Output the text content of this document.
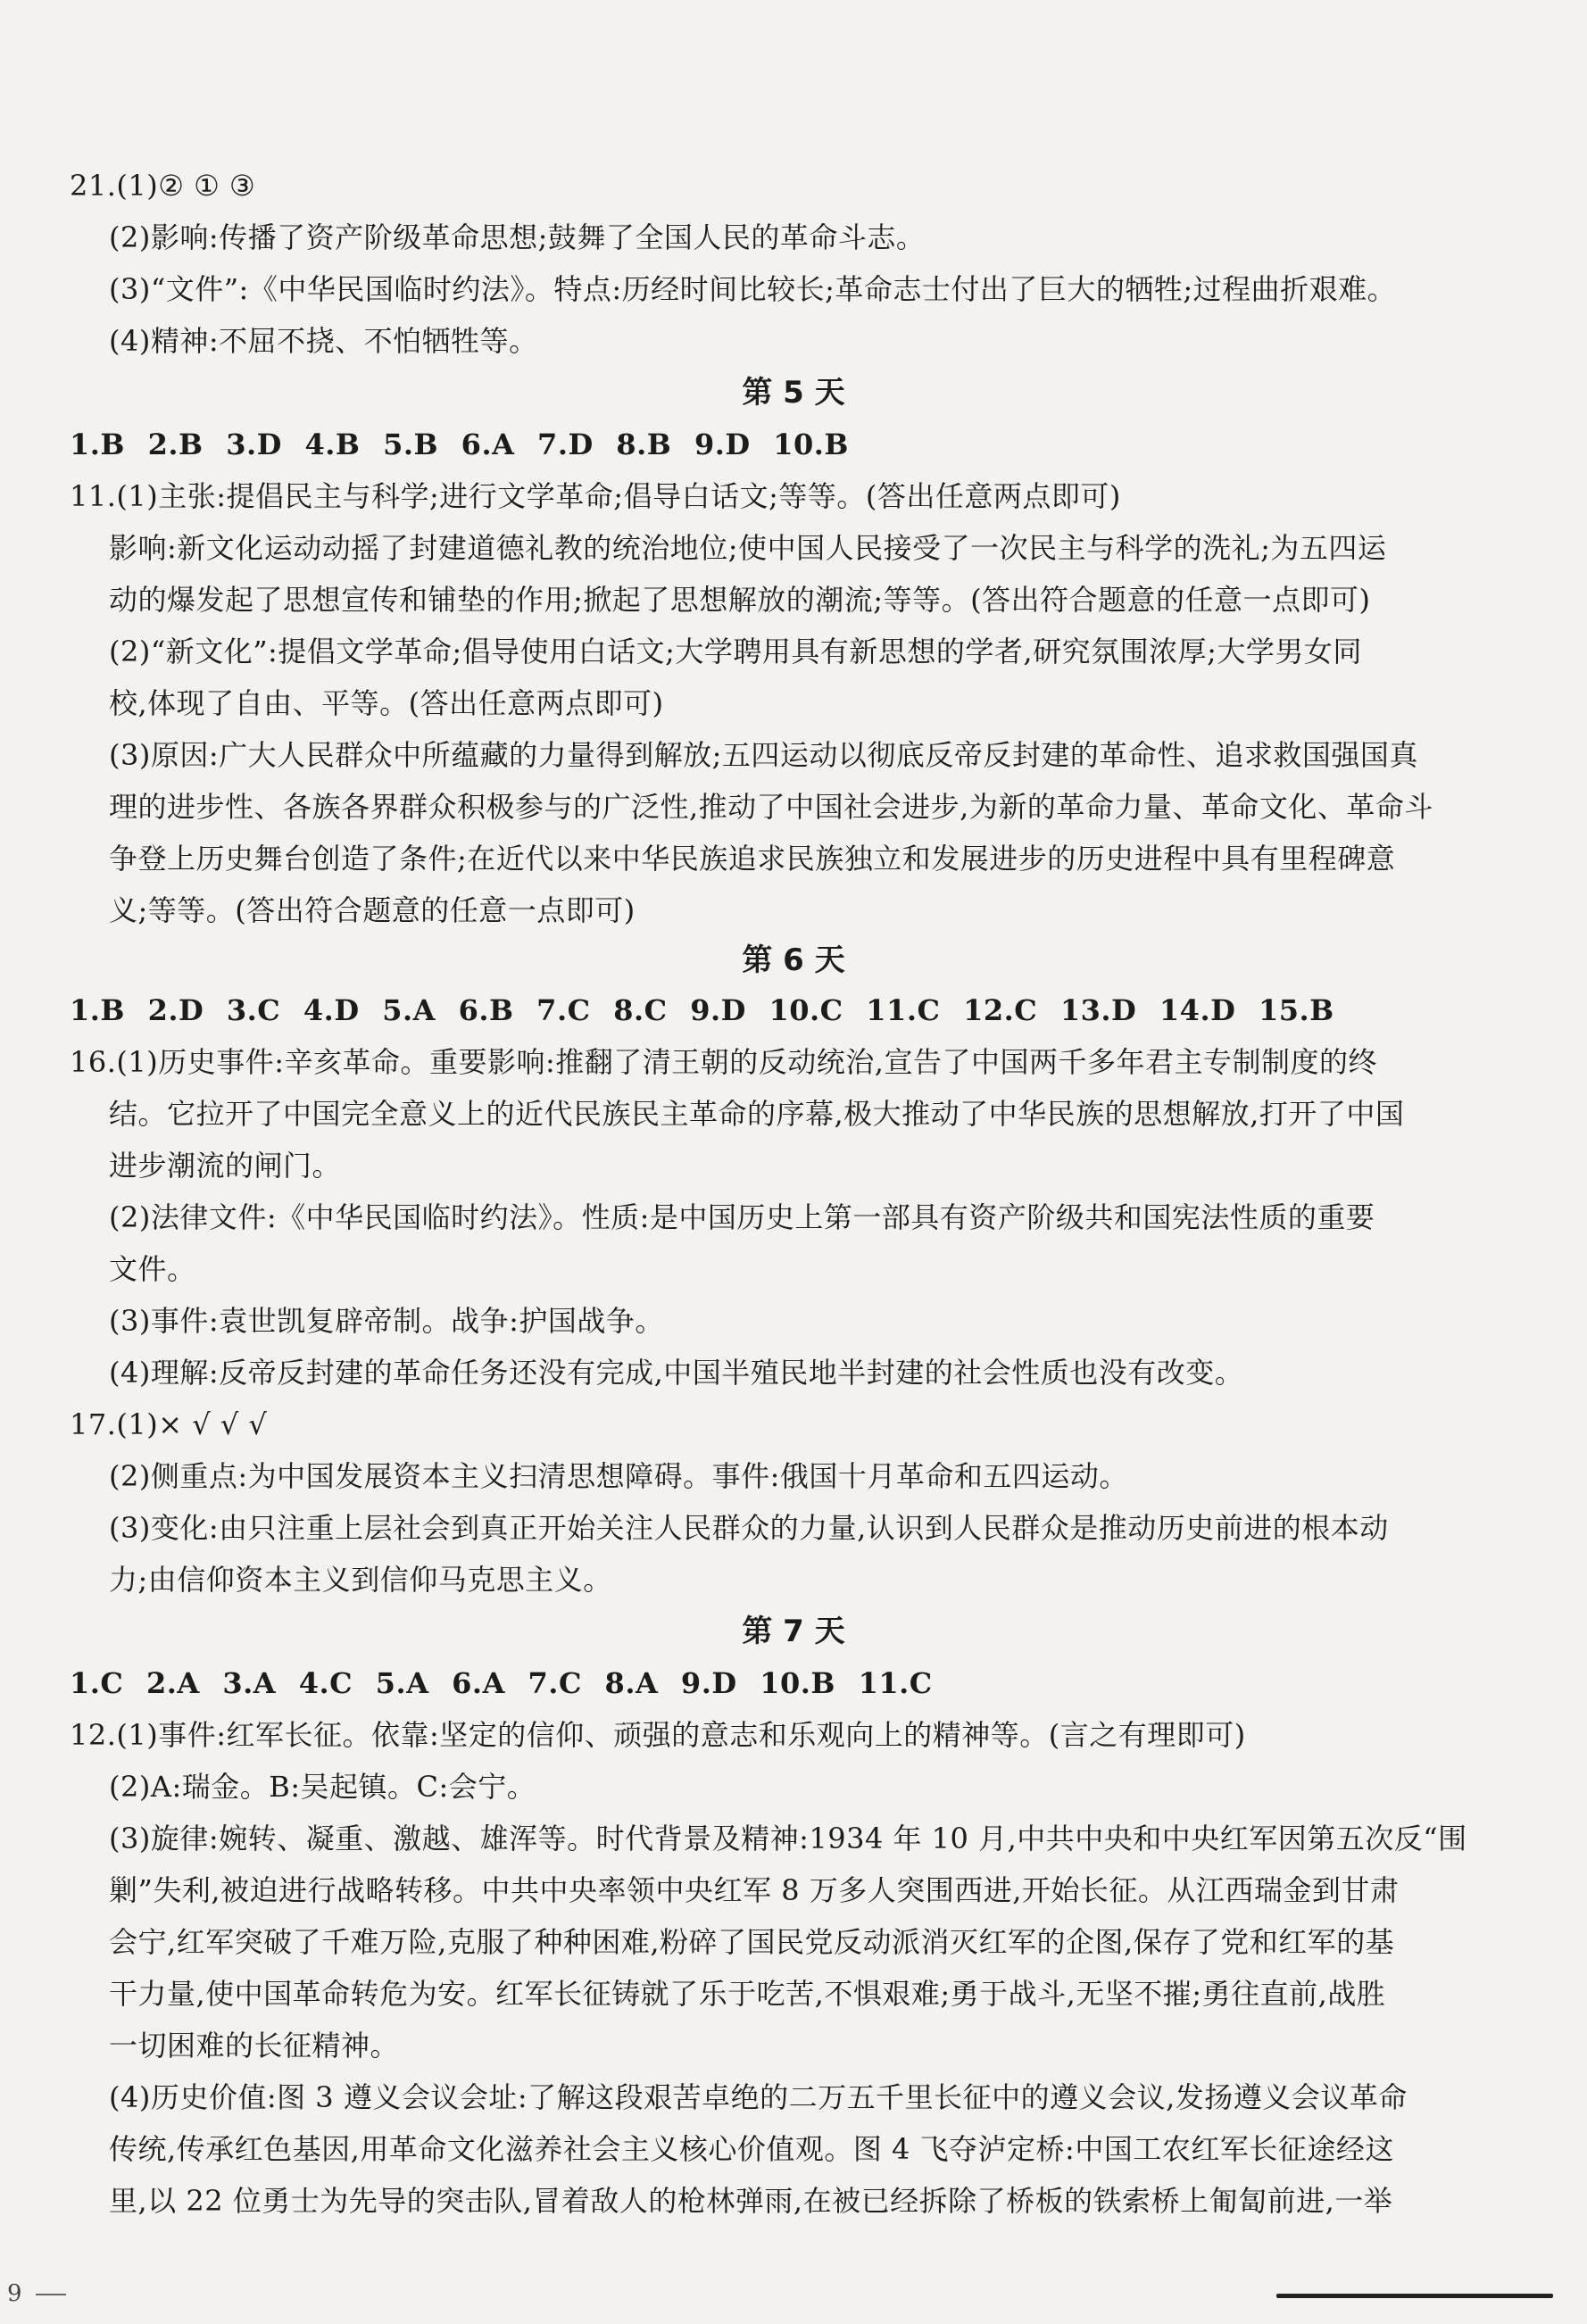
21.(1)② ① ③
(2)影响:传播了资产阶级革命思想;鼓舞了全国人民的革命斗志。
(3)“文件”:《中华民国临时约法》。特点:历经时间比较长;革命志士付出了巨大的牺牲;过程曲折艰难。
(4)精神:不屈不挠、不怕牺牲等。
第 5 天
1.B 2.B 3.D 4.B 5.B 6.A 7.D 8.B 9.D 10.B
11.(1)主张:提倡民主与科学;进行文学革命;倡导白话文;等等。(答出任意两点即可)
影响:新文化运动动摇了封建道德礼教的统治地位;使中国人民接受了一次民主与科学的洗礼;为五四运
动的爆发起了思想宣传和铺垫的作用;掀起了思想解放的潮流;等等。(答出符合题意的任意一点即可)
(2)“新文化”:提倡文学革命;倡导使用白话文;大学聘用具有新思想的学者,研究氛围浓厚;大学男女同
校,体现了自由、平等。(答出任意两点即可)
(3)原因:广大人民群众中所蕴藏的力量得到解放;五四运动以彻底反帝反封建的革命性、追求救国强国真
理的进步性、各族各界群众积极参与的广泛性,推动了中国社会进步,为新的革命力量、革命文化、革命斗
争登上历史舞台创造了条件;在近代以来中华民族追求民族独立和发展进步的历史进程中具有里程碑意
义;等等。(答出符合题意的任意一点即可)
第 6 天
1.B 2.D 3.C 4.D 5.A 6.B 7.C 8.C 9.D 10.C 11.C 12.C 13.D 14.D 15.B
16.(1)历史事件:辛亥革命。重要影响:推翻了清王朝的反动统治,宣告了中国两千多年君主专制制度的终
结。它拉开了中国完全意义上的近代民族民主革命的序幕,极大推动了中华民族的思想解放,打开了中国
进步潮流的闸门。
(2)法律文件:《中华民国临时约法》。性质:是中国历史上第一部具有资产阶级共和国宪法性质的重要
文件。
(3)事件:袁世凯复辟帝制。战争:护国战争。
(4)理解:反帝反封建的革命任务还没有完成,中国半殖民地半封建的社会性质也没有改变。
17.(1)× √ √ √
(2)侧重点:为中国发展资本主义扫清思想障碍。事件:俄国十月革命和五四运动。
(3)变化:由只注重上层社会到真正开始关注人民群众的力量,认识到人民群众是推动历史前进的根本动
力;由信仰资本主义到信仰马克思主义。
第 7 天
1.C 2.A 3.A 4.C 5.A 6.A 7.C 8.A 9.D 10.B 11.C
12.(1)事件:红军长征。依靠:坚定的信仰、顽强的意志和乐观向上的精神等。(言之有理即可)
(2)A:瑞金。B:吴起镇。C:会宁。
(3)旋律:婉转、凝重、激越、雄浑等。时代背景及精神:1934 年 10 月,中共中央和中央红军因第五次反“围
剿”失利,被迫进行战略转移。中共中央率领中央红军 8 万多人突围西进,开始长征。从江西瑞金到甘肃
会宁,红军突破了千难万险,克服了种种困难,粉碎了国民党反动派消灭红军的企图,保存了党和红军的基
干力量,使中国革命转危为安。红军长征铸就了乐于吃苦,不惧艰难;勇于战斗,无坚不摧;勇往直前,战胜
一切困难的长征精神。
(4)历史价值:图 3 遵义会议会址:了解这段艰苦卓绝的二万五千里长征中的遵义会议,发扬遵义会议革命
传统,传承红色基因,用革命文化滋养社会主义核心价值观。图 4 飞夺泸定桥:中国工农红军长征途经这
里,以 22 位勇士为先导的突击队,冒着敌人的枪林弹雨,在被已经拆除了桥板的铁索桥上匍匐前进,一举
9
